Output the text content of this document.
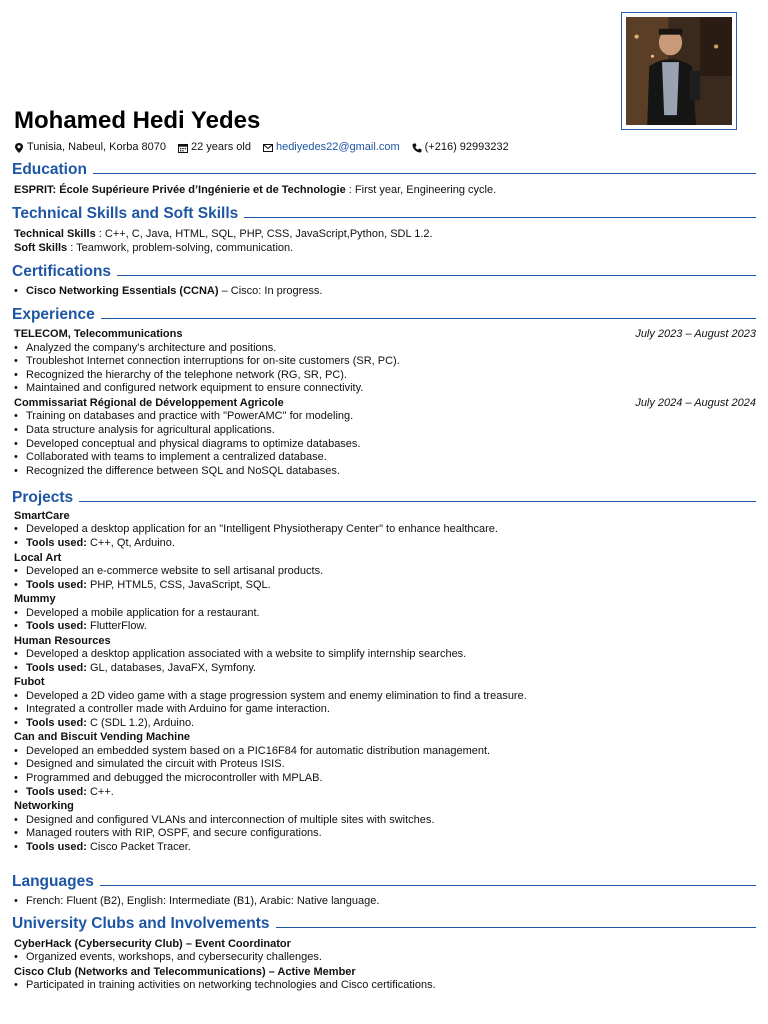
Mohamed Hedi Yedes
Tunisia, Nabeul, Korba 8070 22 years old hediyedes22@gmail.com (+216) 92993232
Education
ESPRIT: École Supérieure Privée d’Ingénierie et de Technologie : First year, Engineering cycle.
Technical Skills and Soft Skills
Technical Skills : C++, C, Java, HTML, SQL, PHP, CSS, JavaScript,Python, SDL 1.2.
Soft Skills : Teamwork, problem-solving, communication.
Certifications
• Cisco Networking Essentials (CCNA) – Cisco: In progress.
Experience
TELECOM, Telecommunications	July 2023 – August 2023
• Analyzed the company's architecture and positions.
• Troubleshot Internet connection interruptions for on-site customers (SR, PC).
• Recognized the hierarchy of the telephone network (RG, SR, PC).
• Maintained and configured network equipment to ensure connectivity.
Commissariat Régional de Développement Agricole	July 2024 – August 2024
• Training on databases and practice with "PowerAMC" for modeling.
• Data structure analysis for agricultural applications.
• Developed conceptual and physical diagrams to optimize databases.
• Collaborated with teams to implement a centralized database.
• Recognized the difference between SQL and NoSQL databases.
Projects
SmartCare
• Developed a desktop application for an "Intelligent Physiotherapy Center" to enhance healthcare.
• Tools used: C++, Qt, Arduino.
Local Art
• Developed an e-commerce website to sell artisanal products.
• Tools used: PHP, HTML5, CSS, JavaScript, SQL.
Mummy
• Developed a mobile application for a restaurant.
• Tools used: FlutterFlow.
Human Resources
• Developed a desktop application associated with a website to simplify internship searches.
• Tools used: GL, databases, JavaFX, Symfony.
Fubot
• Developed a 2D video game with a stage progression system and enemy elimination to find a treasure.
• Integrated a controller made with Arduino for game interaction.
• Tools used: C (SDL 1.2), Arduino.
Can and Biscuit Vending Machine
• Developed an embedded system based on a PIC16F84 for automatic distribution management.
• Designed and simulated the circuit with Proteus ISIS.
• Programmed and debugged the microcontroller with MPLAB.
• Tools used: C++.
Networking
• Designed and configured VLANs and interconnection of multiple sites with switches.
• Managed routers with RIP, OSPF, and secure configurations.
• Tools used: Cisco Packet Tracer.
Languages
• French: Fluent (B2), English: Intermediate (B1), Arabic: Native language.
University Clubs and Involvements
CyberHack (Cybersecurity Club) – Event Coordinator
• Organized events, workshops, and cybersecurity challenges.
Cisco Club (Networks and Telecommunications) – Active Member
• Participated in training activities on networking technologies and Cisco certifications.
